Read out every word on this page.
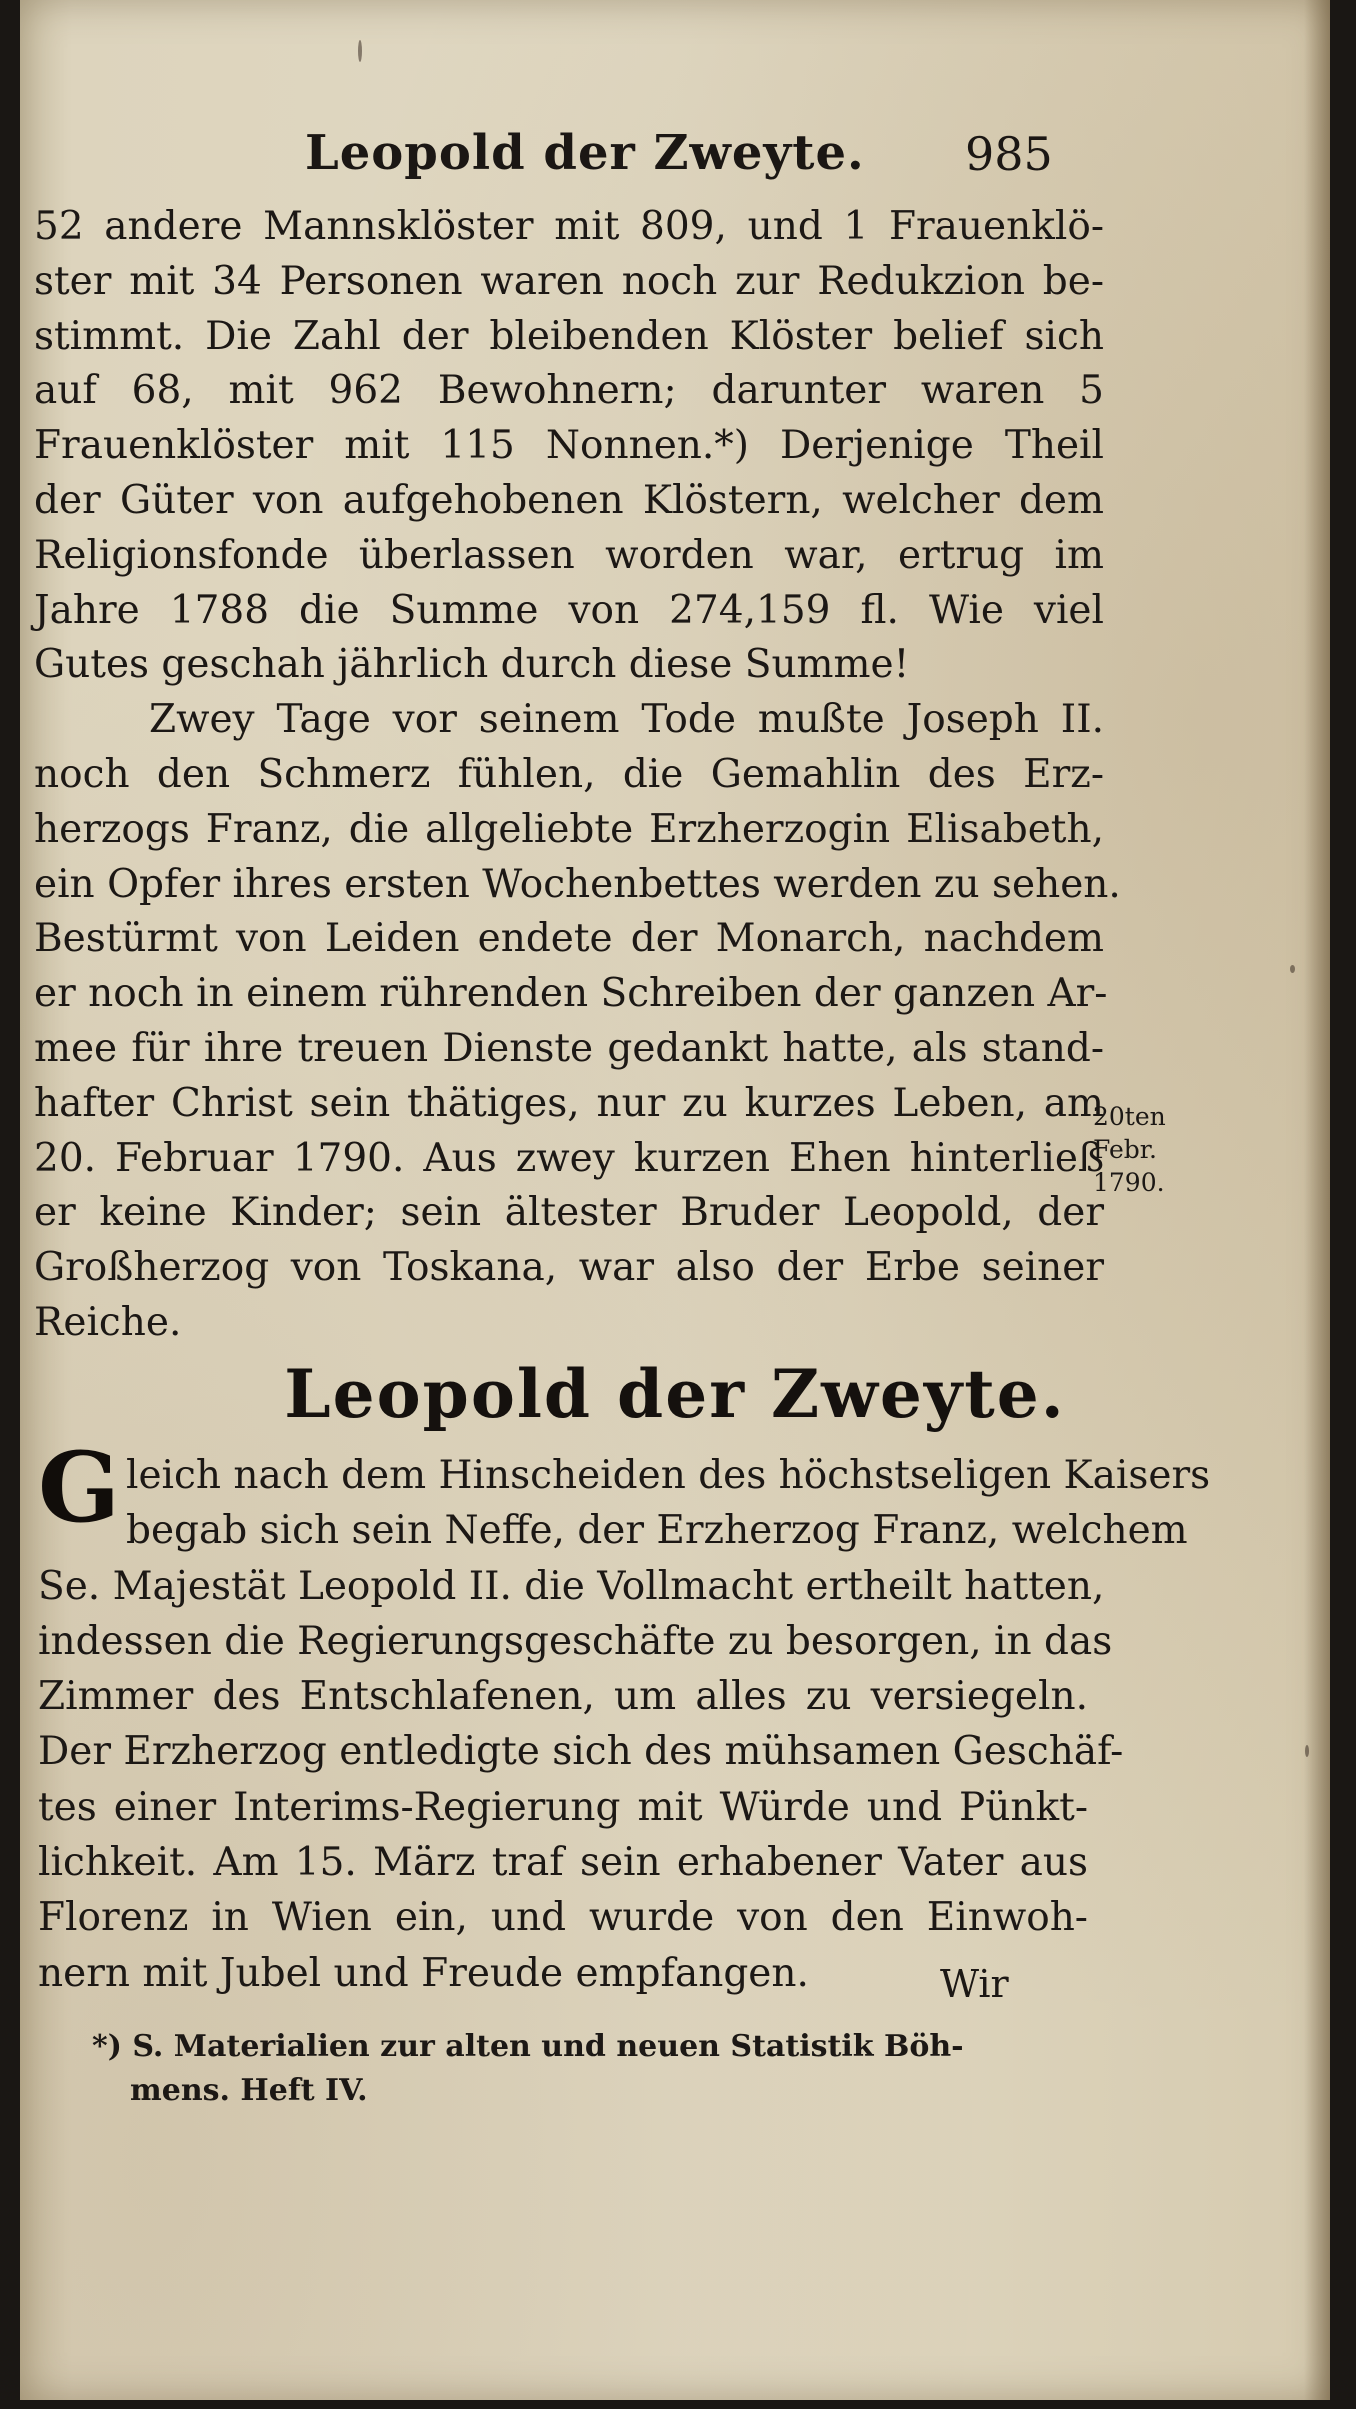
Leopold der Zweyte. 985
52 andere Mannsklöster mit 809, und 1 Frauenklö-
ster mit 34 Personen waren noch zur Redukzion be-
stimmt. Die Zahl der bleibenden Klöster belief sich
auf 68, mit 962 Bewohnern; darunter waren 5
Frauenklöster mit 115 Nonnen.*) Derjenige Theil
der Güter von aufgehobenen Klöstern, welcher dem
Religionsfonde überlassen worden war, ertrug im
Jahre 1788 die Summe von 274,159 fl. Wie viel
Gutes geschah jährlich durch diese Summe!
Zwey Tage vor seinem Tode mußte Joseph II.
noch den Schmerz fühlen, die Gemahlin des Erz-
herzogs Franz, die allgeliebte Erzherzogin Elisabeth,
ein Opfer ihres ersten Wochenbettes werden zu sehen.
Bestürmt von Leiden endete der Monarch, nachdem
er noch in einem rührenden Schreiben der ganzen Ar-
mee für ihre treuen Dienste gedankt hatte, als stand-
hafter Christ sein thätiges, nur zu kurzes Leben, am
20. Februar 1790. Aus zwey kurzen Ehen hinterließ
er keine Kinder; sein ältester Bruder Leopold, der
Großherzog von Toskana, war also der Erbe seiner
Reiche.
20ten
Febr.
1790.
Leopold der Zweyte.
G leich nach dem Hinscheiden des höchstseligen Kaisers
begab sich sein Neffe, der Erzherzog Franz, welchem
Se. Majestät Leopold II. die Vollmacht ertheilt hatten,
indessen die Regierungsgeschäfte zu besorgen, in das
Zimmer des Entschlafenen, um alles zu versiegeln.
Der Erzherzog entledigte sich des mühsamen Geschäf-
tes einer Interims-Regierung mit Würde und Pünkt-
lichkeit. Am 15. März traf sein erhabener Vater aus
Florenz in Wien ein, und wurde von den Einwoh-
nern mit Jubel und Freude empfangen.	Wir
*) S. Materialien zur alten und neuen Statistik Böh-
mens. Heft IV.
